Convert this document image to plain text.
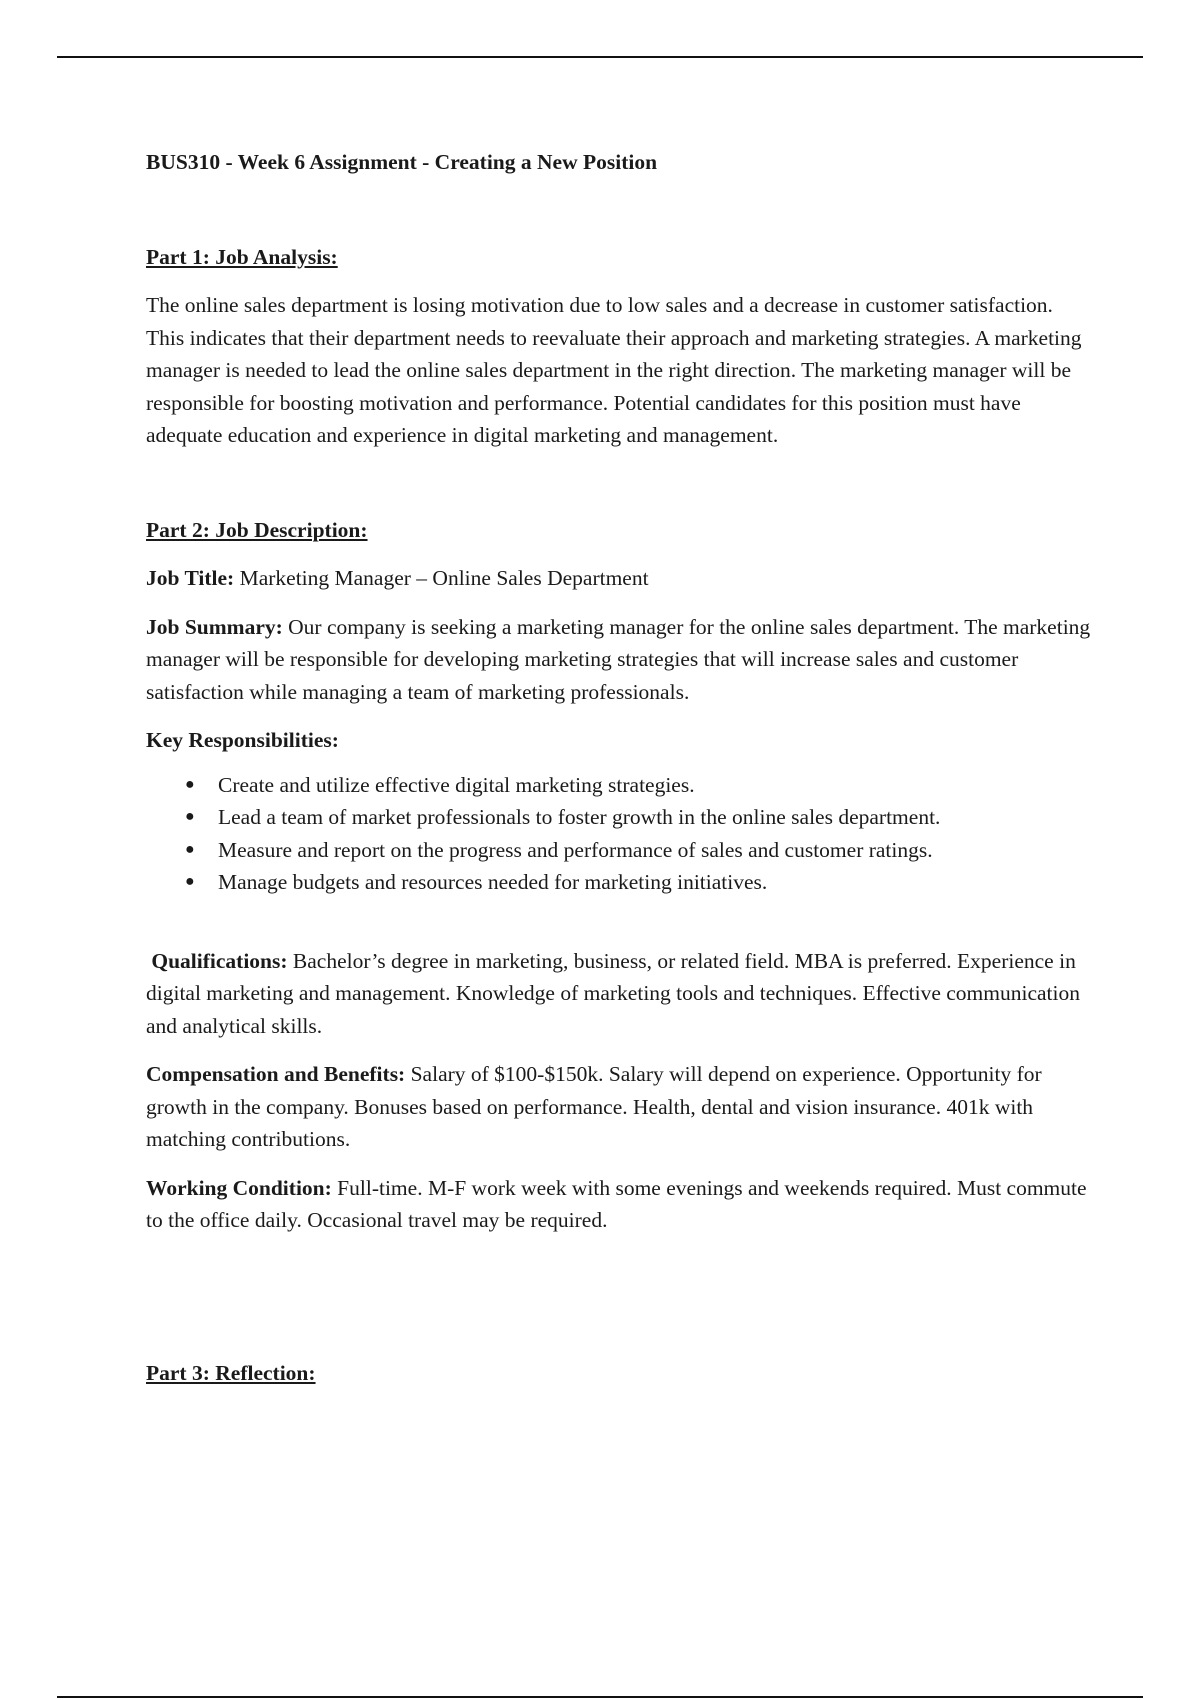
BUS310 - Week 6 Assignment - Creating a New Position

Part 1: Job Analysis:

The online sales department is losing motivation due to low sales and a decrease in customer satisfaction. This indicates that their department needs to reevaluate their approach and marketing strategies. A marketing manager is needed to lead the online sales department in the right direction. The marketing manager will be responsible for boosting motivation and performance. Potential candidates for this position must have adequate education and experience in digital marketing and management.

Part 2: Job Description:

Job Title: Marketing Manager – Online Sales Department

Job Summary: Our company is seeking a marketing manager for the online sales department. The marketing manager will be responsible for developing marketing strategies that will increase sales and customer satisfaction while managing a team of marketing professionals.

Key Responsibilities:

● Create and utilize effective digital marketing strategies.
● Lead a team of market professionals to foster growth in the online sales department.
● Measure and report on the progress and performance of sales and customer ratings.
● Manage budgets and resources needed for marketing initiatives.

Qualifications: Bachelor’s degree in marketing, business, or related field. MBA is preferred. Experience in digital marketing and management. Knowledge of marketing tools and techniques. Effective communication and analytical skills.

Compensation and Benefits: Salary of $100-$150k. Salary will depend on experience. Opportunity for growth in the company. Bonuses based on performance. Health, dental and vision insurance. 401k with matching contributions.

Working Condition: Full-time. M-F work week with some evenings and weekends required. Must commute to the office daily. Occasional travel may be required.

Part 3: Reflection:
